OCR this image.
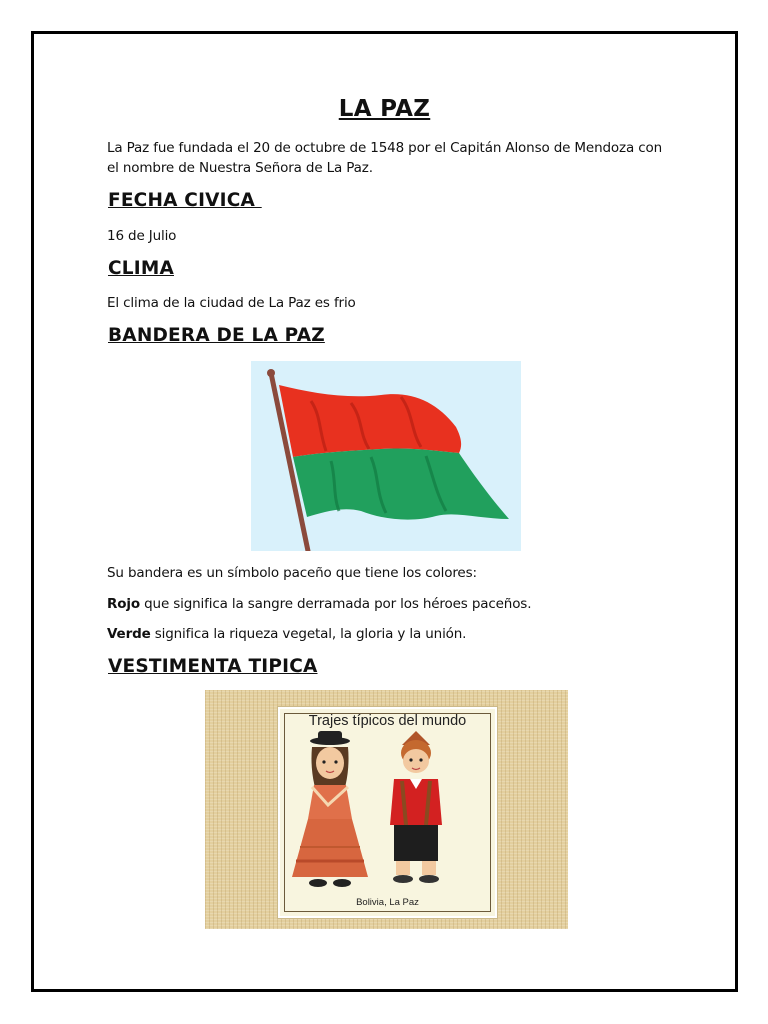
LA PAZ
La Paz fue fundada el 20 de octubre de 1548 por el Capitán Alonso de Mendoza con el nombre de Nuestra Señora de La Paz.
FECHA CIVICA
16 de Julio
CLIMA
El clima de la ciudad de La Paz es frio
BANDERA DE LA PAZ
Su bandera es un símbolo paceño que tiene los colores:
Rojo que significa la sangre derramada por los héroes paceños.
Verde significa la riqueza vegetal, la gloria y la unión.
VESTIMENTA TIPICA
Trajes típicos del mundo
Bolivia, La Paz
